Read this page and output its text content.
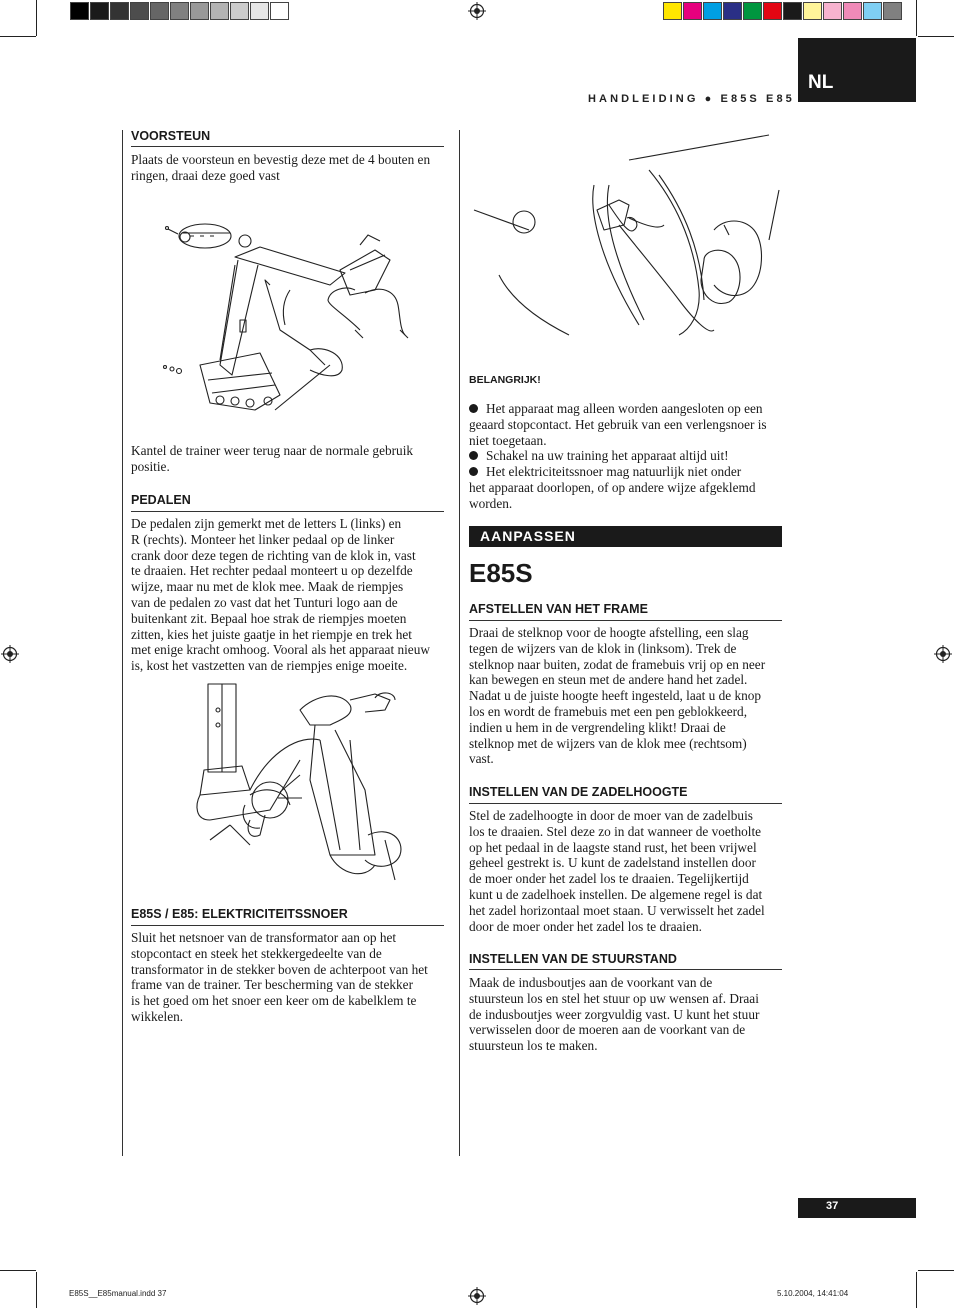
HANDLEIDING ● E85S E85
NL
VOORSTEUN
Plaats de voorsteun en bevestig deze met de 4 bouten en
ringen, draai deze goed vast
Kantel de trainer weer terug naar de normale gebruik
positie.
PEDALEN
De pedalen zijn gemerkt met de letters L (links) en
R (rechts). Monteer het linker pedaal op de linker
crank door deze tegen de richting van de klok in, vast
te draaien. Het rechter pedaal monteert u op dezelfde
wijze, maar nu met de klok mee. Maak de riempjes
van de pedalen zo vast dat het Tunturi logo aan de
buitenkant zit. Bepaal hoe strak de riempjes moeten
zitten, kies het juiste gaatje in het riempje en trek het
met enige kracht omhoog. Vooral als het apparaat nieuw
is, kost het vastzetten van de riempjes enige moeite.
E85S / E85: ELEKTRICITEITSSNOER
Sluit het netsnoer van de transformator aan op het
stopcontact en steek het stekkergedeelte van de
transformator in de stekker boven de achterpoot van het
frame van de trainer. Ter bescherming van de stekker
is het goed om het snoer een keer om de kabelklem te
wikkelen.
BELANGRIJK!
Het apparaat mag alleen worden aangesloten op een
geaard stopcontact. Het gebruik van een verlengsnoer is
niet toegetaan.
Schakel na uw training het apparaat altijd uit!
Het elektriciteitssnoer mag natuurlijk niet onder
het apparaat doorlopen, of op andere wijze afgeklemd
worden.
AANPASSEN
E85S
AFSTELLEN VAN HET FRAME
Draai de stelknop voor de hoogte afstelling, een slag
tegen de wijzers van de klok in (linksom). Trek de
stelknop naar buiten, zodat de framebuis vrij op en neer
kan bewegen en steun met de andere hand het zadel.
Nadat u de juiste hoogte heeft ingesteld, laat u de knop
los en wordt de framebuis met een pen geblokkeerd,
indien u hem in de vergrendeling klikt! Draai de
stelknop met de wijzers van de klok mee (rechtsom)
vast.
INSTELLEN VAN DE ZADELHOOGTE
Stel de zadelhoogte in door de moer van de zadelbuis
los te draaien. Stel deze zo in dat wanneer de voetholte
op het pedaal in de laagste stand rust, het been vrijwel
geheel gestrekt is. U kunt de zadelstand instellen door
de moer onder het zadel los te draaien. Tegelijkertijd
kunt u de zadelhoek instellen. De algemene regel is dat
het zadel horizontaal moet staan. U verwisselt het zadel
door de moer onder het zadel los te draaien.
INSTELLEN VAN DE STUURSTAND
Maak de indusboutjes aan de voorkant van de
stuursteun los en stel het stuur op uw wensen af. Draai
de indusboutjes weer zorgvuldig vast. U kunt het stuur
verwisselen door de moeren aan de voorkant van de
stuursteun los te maken.
37
E85S__E85manual.indd 37	5.10.2004, 14:41:04
